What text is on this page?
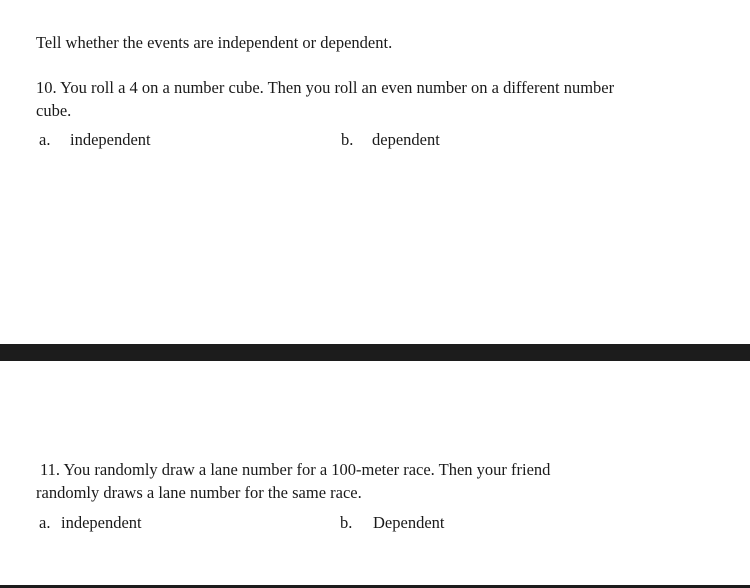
Tell whether the events are independent or dependent.

10. You roll a 4 on a number cube. Then you roll an even number on a different number

cube.

a. independent	b. dependent

11. You randomly draw a lane number for a 100-meter race. Then your friend

randomly draws a lane number for the same race.

a. independent	b. Dependent
